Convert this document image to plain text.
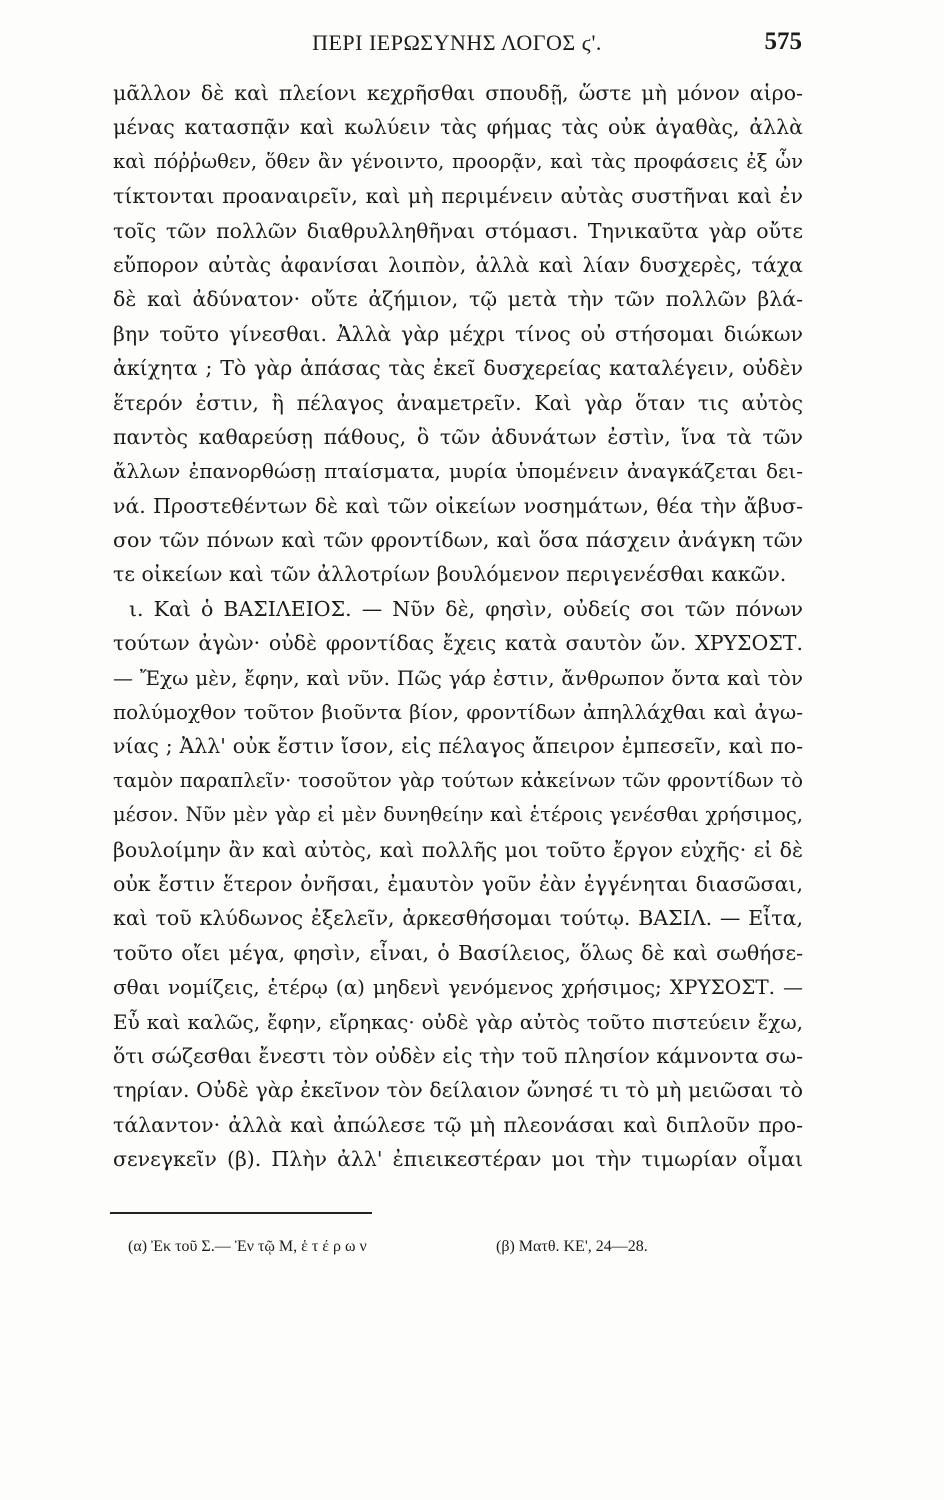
ΠΕΡΙ ΙΕΡΩΣΥΝΗΣ ΛΟΓΟΣ ϛ'.	575
μᾶλλον δὲ καὶ πλείονι κεχρῆσθαι σπουδῇ, ὥστε μὴ μόνον αἱρο-
μένας κατασπᾷν καὶ κωλύειν τὰς φήμας τὰς οὐκ ἀγαθὰς, ἀλλὰ
καὶ πόῤῥωθεν, ὅθεν ἂν γένοιντο, προορᾷν, καὶ τὰς προφάσεις ἐξ ὧν
τίκτονται προαναιρεῖν, καὶ μὴ περιμένειν αὐτὰς συστῆναι καὶ ἐν
τοῖς τῶν πολλῶν διαθρυλληθῆναι στόμασι. Τηνικαῦτα γὰρ οὔτε
εὔπορον αὐτὰς ἀφανίσαι λοιπὸν, ἀλλὰ καὶ λίαν δυσχερὲς, τάχα
δὲ καὶ ἀδύνατον· οὔτε ἀζήμιον, τῷ μετὰ τὴν τῶν πολλῶν βλά-
βην τοῦτο γίνεσθαι. Ἀλλὰ γὰρ μέχρι τίνος οὐ στήσομαι διώκων
ἀκίχητα ; Τὸ γὰρ ἁπάσας τὰς ἐκεῖ δυσχερείας καταλέγειν, οὐδὲν
ἕτερόν ἐστιν, ἢ πέλαγος ἀναμετρεῖν. Καὶ γὰρ ὅταν τις αὐτὸς
παντὸς καθαρεύσῃ πάθους, ὃ τῶν ἀδυνάτων ἐστὶν, ἵνα τὰ τῶν
ἄλλων ἐπανορθώσῃ πταίσματα, μυρία ὑπομένειν ἀναγκάζεται δει-
νά. Προστεθέντων δὲ καὶ τῶν οἰκείων νοσημάτων, θέα τὴν ἄβυσ-
σον τῶν πόνων καὶ τῶν φροντίδων, καὶ ὅσα πάσχειν ἀνάγκη τῶν
τε οἰκείων καὶ τῶν ἀλλοτρίων βουλόμενον περιγενέσθαι κακῶν.
ι. Καὶ ὁ ΒΑΣΙΛΕΙΟΣ. — Νῦν δὲ, φησὶν, οὐδείς σοι τῶν πόνων
τούτων ἀγὼν· οὐδὲ φροντίδας ἔχεις κατὰ σαυτὸν ὤν. ΧΡΥΣΟΣΤ.
— Ἔχω μὲν, ἔφην, καὶ νῦν. Πῶς γάρ ἐστιν, ἄνθρωπον ὄντα καὶ τὸν
πολύμοχθον τοῦτον βιοῦντα βίον, φροντίδων ἀπηλλάχθαι καὶ ἀγω-
νίας ; Ἀλλ' οὐκ ἔστιν ἴσον, εἰς πέλαγος ἄπειρον ἐμπεσεῖν, καὶ πο-
ταμὸν παραπλεῖν· τοσοῦτον γὰρ τούτων κἀκείνων τῶν φροντίδων τὸ
μέσον. Νῦν μὲν γὰρ εἰ μὲν δυνηθείην καὶ ἑτέροις γενέσθαι χρήσιμος,
βουλοίμην ἂν καὶ αὐτὸς, καὶ πολλῆς μοι τοῦτο ἔργον εὐχῆς· εἰ δὲ
οὐκ ἔστιν ἕτερον ὀνῆσαι, ἐμαυτὸν γοῦν ἐὰν ἐγγένηται διασῶσαι,
καὶ τοῦ κλύδωνος ἐξελεῖν, ἀρκεσθήσομαι τούτῳ. ΒΑΣΙΛ. — Εἶτα,
τοῦτο οἴει μέγα, φησὶν, εἶναι, ὁ Βασίλειος, ὅλως δὲ καὶ σωθήσε-
σθαι νομίζεις, ἑτέρῳ (α) μηδενὶ γενόμενος χρήσιμος; ΧΡΥΣΟΣΤ. —
Εὖ καὶ καλῶς, ἔφην, εἴρηκας· οὐδὲ γὰρ αὐτὸς τοῦτο πιστεύειν ἔχω,
ὅτι σώζεσθαι ἔνεστι τὸν οὐδὲν εἰς τὴν τοῦ πλησίον κάμνοντα σω-
τηρίαν. Οὐδὲ γὰρ ἐκεῖνον τὸν δείλαιον ὤνησέ τι τὸ μὴ μειῶσαι τὸ
τάλαντον· ἀλλὰ καὶ ἀπώλεσε τῷ μὴ πλεονάσαι καὶ διπλοῦν προ-
σενεγκεῖν (β). Πλὴν ἀλλ' ἐπιεικεστέραν μοι τὴν τιμωρίαν οἶμαι
(α) Ἐκ τοῦ Σ.— Ἐν τῷ Μ, ἑ τ έ ρ ω ν	(β) Ματθ. ΚΕ', 24—28.
